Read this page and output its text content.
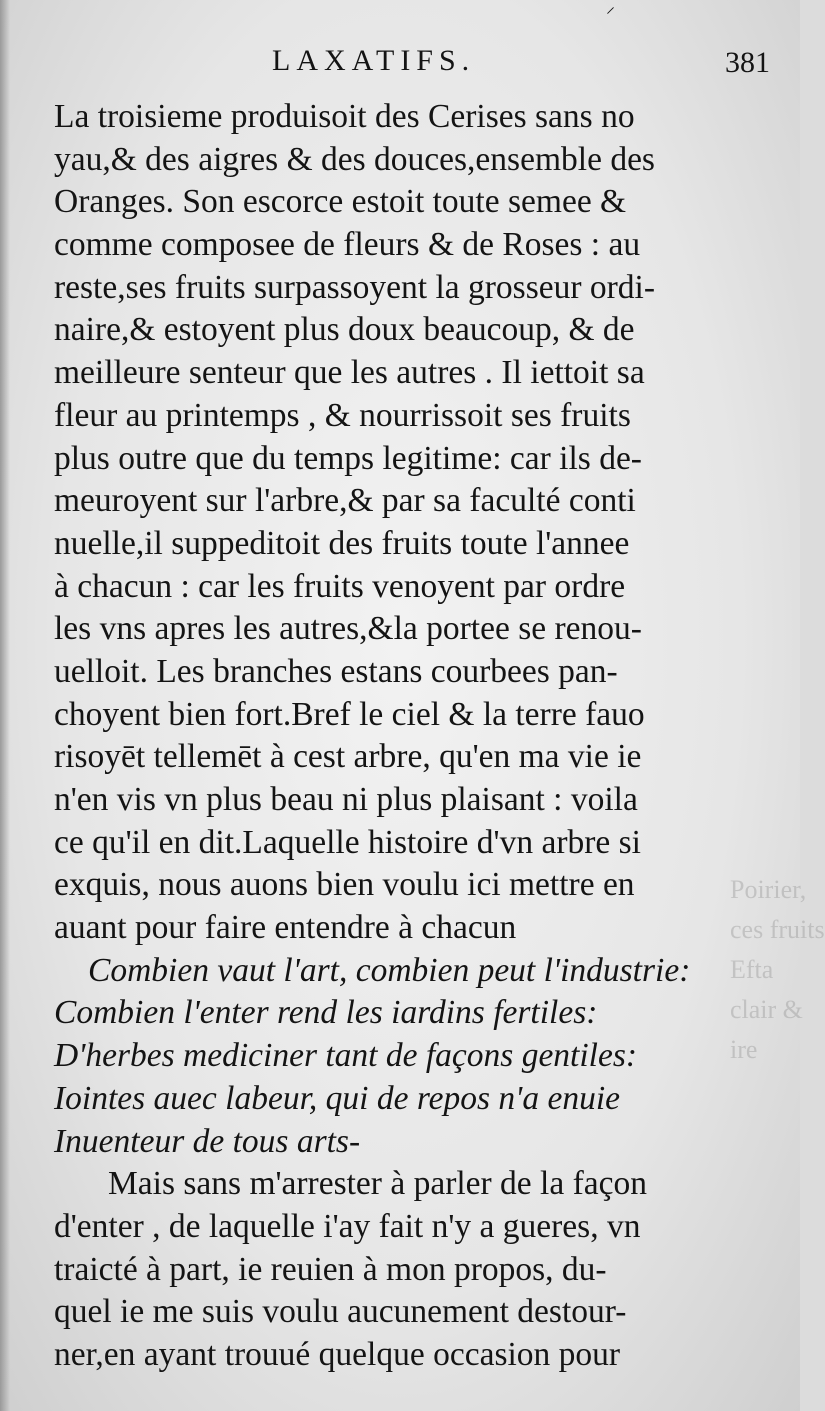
⸍
LAXATIFS.	381
La troisieme produisoit des Cerises sans no
yau,& des aigres & des douces,ensemble des
Oranges. Son escorce estoit toute semee &
comme composee de fleurs & de Roses : au
reste,ses fruits surpassoyent la grosseur ordi-
naire,& estoyent plus doux beaucoup, & de
meilleure senteur que les autres . Il iettoit sa
fleur au printemps , & nourrissoit ses fruits
plus outre que du temps legitime: car ils de-
meuroyent sur l'arbre,& par sa faculté conti
nuelle,il suppeditoit des fruits toute l'annee
à chacun : car les fruits venoyent par ordre
les vns apres les autres,&la portee se renou-
uelloit. Les branches estans courbees pan-
choyent bien fort.Bref le ciel & la terre fauo
risoyēt tellemēt à cest arbre, qu'en ma vie ie
n'en vis vn plus beau ni plus plaisant : voila
ce qu'il en dit.Laquelle histoire d'vn arbre si
exquis, nous auons bien voulu ici mettre en
auant pour faire entendre à chacun
Combien vaut l'art, combien peut l'industrie:
Combien l'enter rend les iardins fertiles:
D'herbes mediciner tant de façons gentiles:
Iointes auec labeur, qui de repos n'a enuie
Inuenteur de tous arts-
Mais sans m'arrester à parler de la façon
d'enter , de laquelle i'ay fait n'y a gueres, vn
traicté à part, ie reuien à mon propos, du-
quel ie me suis voulu aucunement destour-
ner,en ayant trouué quelque occasion pour
Poirier,
ces fruits
Efta
clair &
ire
